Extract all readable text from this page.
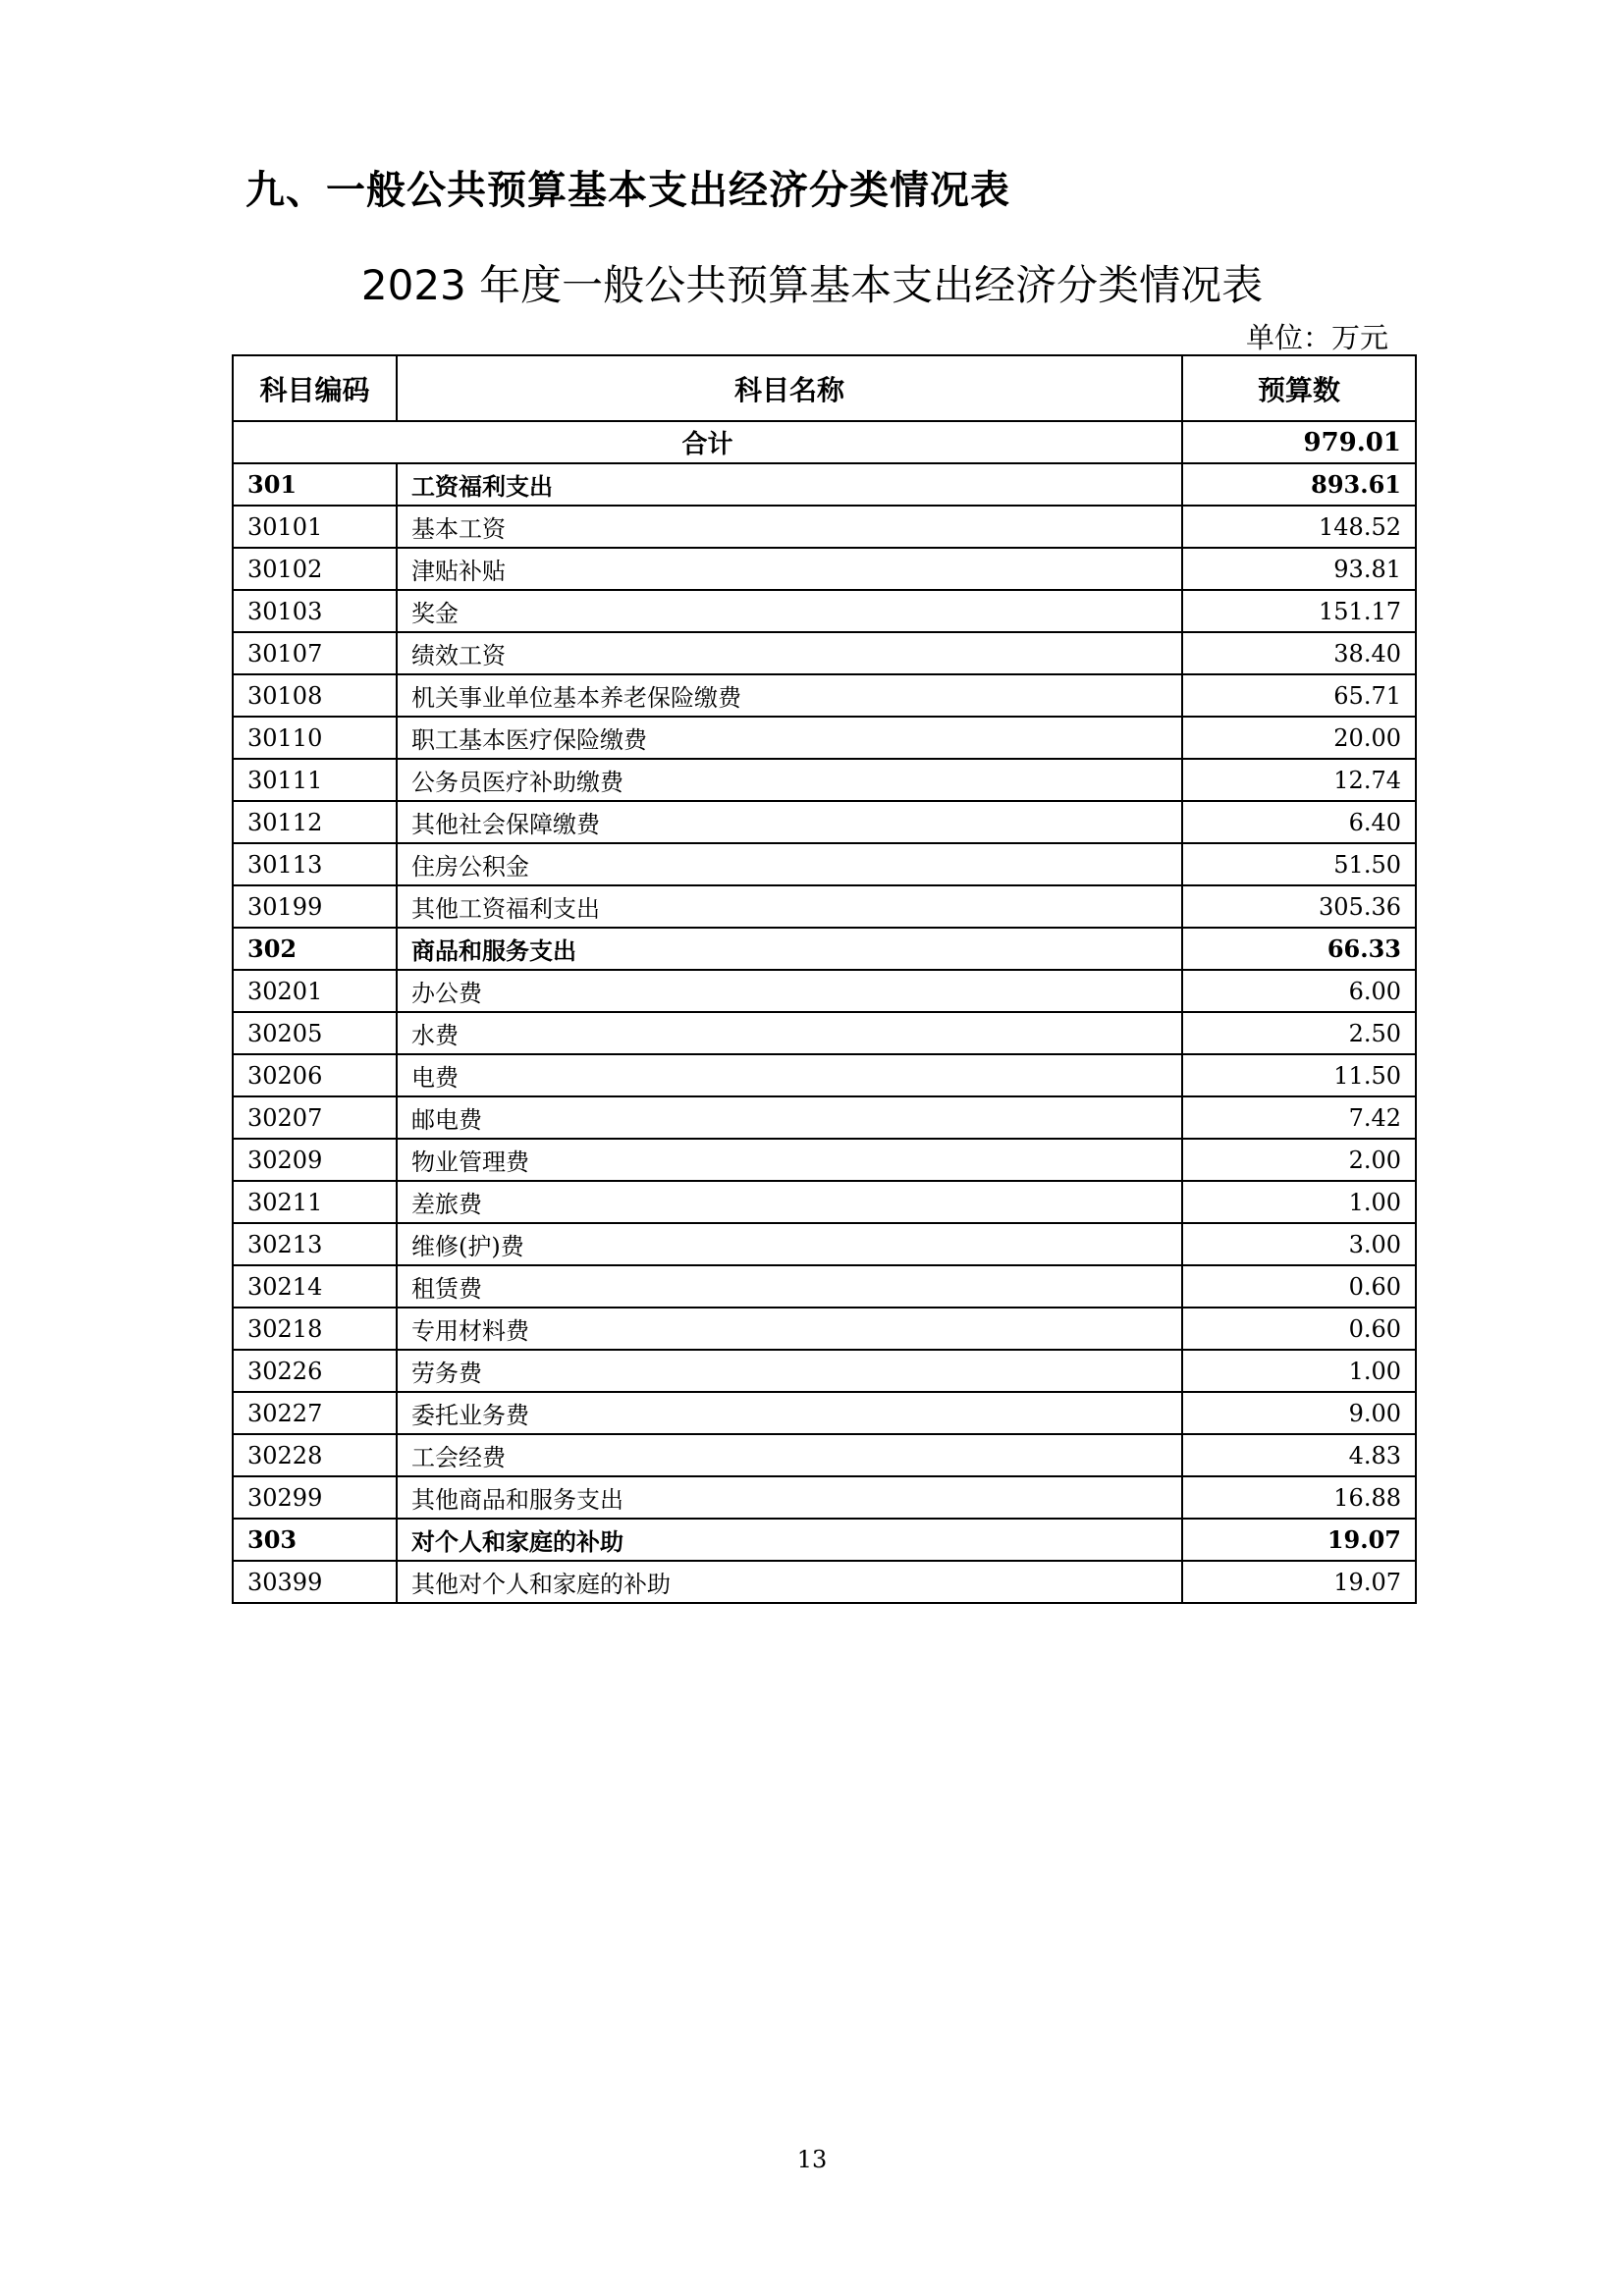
九、一般公共预算基本支出经济分类情况表
2023 年度一般公共预算基本支出经济分类情况表
单位：万元
科目编码	科目名称	预算数
合计		979.01
301	工资福利支出	893.61
30101	基本工资	148.52
30102	津贴补贴	93.81
30103	奖金	151.17
30107	绩效工资	38.40
30108	机关事业单位基本养老保险缴费	65.71
30110	职工基本医疗保险缴费	20.00
30111	公务员医疗补助缴费	12.74
30112	其他社会保障缴费	6.40
30113	住房公积金	51.50
30199	其他工资福利支出	305.36
302	商品和服务支出	66.33
30201	办公费	6.00
30205	水费	2.50
30206	电费	11.50
30207	邮电费	7.42
30209	物业管理费	2.00
30211	差旅费	1.00
30213	维修(护)费	3.00
30214	租赁费	0.60
30218	专用材料费	0.60
30226	劳务费	1.00
30227	委托业务费	9.00
30228	工会经费	4.83
30299	其他商品和服务支出	16.88
303	对个人和家庭的补助	19.07
30399	其他对个人和家庭的补助	19.07
13
